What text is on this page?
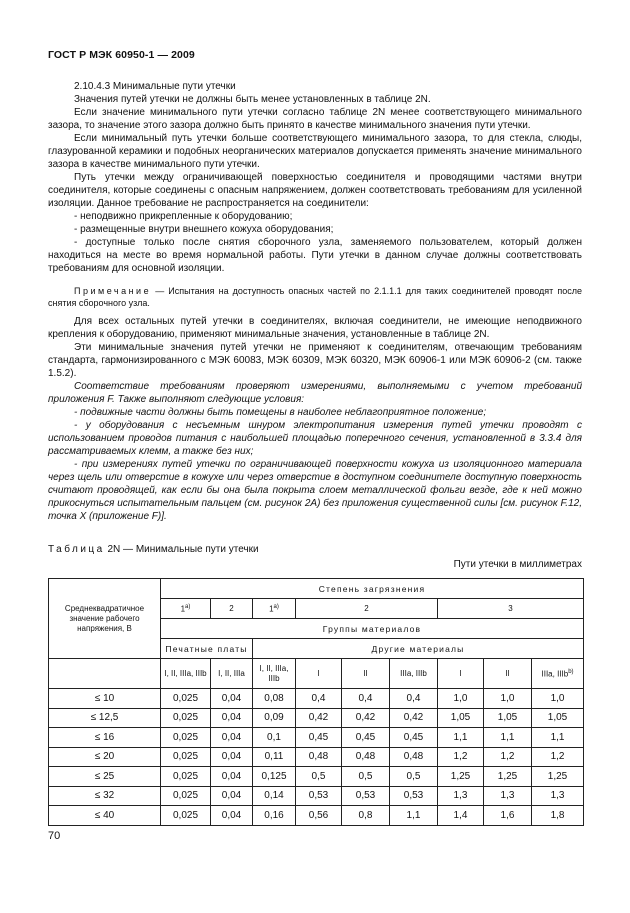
ГОСТ Р МЭК 60950-1 — 2009

2.10.4.3 Минимальные пути утечки

Значения путей утечки не должны быть менее установленных в таблице 2N.

Если значение минимального пути утечки согласно таблице 2N менее соответствующего минимального зазора, то значение этого зазора должно быть принято в качестве минимального значения пути утечки.

Если минимальный путь утечки больше соответствующего минимального зазора, то для стекла, слюды, глазурованной керамики и подобных неорганических материалов допускается применять значение минимального зазора в качестве минимального пути утечки.

Путь утечки между ограничивающей поверхностью соединителя и проводящими частями внутри соединителя, которые соединены с опасным напряжением, должен соответствовать требованиям для усиленной изоляции. Данное требование не распространяется на соединители:

- неподвижно прикрепленные к оборудованию;

- размещенные внутри внешнего кожуха оборудования;

- доступные только после снятия сборочного узла, заменяемого пользователем, который должен находиться на месте во время нормальной работы. Пути утечки в данном случае должны соответствовать требованиям для основной изоляции.

Примечание — Испытания на доступность опасных частей по 2.1.1.1 для таких соединителей проводят после снятия сборочного узла.

Для всех остальных путей утечки в соединителях, включая соединители, не имеющие неподвижного крепления к оборудованию, применяют минимальные значения, установленные в таблице 2N.

Эти минимальные значения путей утечки не применяют к соединителям, отвечающим требованиям стандарта, гармонизированного с МЭК 60083, МЭК 60309, МЭК 60320, МЭК 60906-1 или МЭК 60906-2 (см. также 1.5.2).

Соответствие требованиям проверяют измерениями, выполняемыми с учетом требований приложения F. Также выполняют следующие условия:

- подвижные части должны быть помещены в наиболее неблагоприятное положение;

- у оборудования с несъемным шнуром электропитания измерения путей утечки проводят с использованием проводов питания с наибольшей площадью поперечного сечения, установленной в 3.3.4 для рассматриваемых клемм, а также без них;

- при измерениях путей утечки по ограничивающей поверхности кожуха из изоляционного материала через щель или отверстие в кожухе или через отверстие в доступном соединителе доступную поверхность считают проводящей, как если бы она была покрыта слоем металлической фольги везде, где к ней можно прикоснуться испытательным пальцем (см. рисунок 2А) без приложения существенной силы [см. рисунок F.12, точка X (приложение F)].

Таблица 2N — Минимальные пути утечки
Пути утечки в миллиметрах
Среднеквадратичное значение рабочего напряжения, В	Степень загрязнения								
	$1^{а)}$	2	$1^{а)}$	2			3		
	Группы материалов								
	Печатные платы		Другие материалы						
	I, II, IIIa, IIIb	I, II, IIIa	I, II, IIIa, IIIb	I	II	IIIa, IIIb	I	II	IIIa, IIIb$^{b)}$
≤ 10	0,025	0,04	0,08	0,4	0,4	0,4	1,0	1,0	1,0
≤ 12,5	0,025	0,04	0,09	0,42	0,42	0,42	1,05	1,05	1,05
≤ 16	0,025	0,04	0,1	0,45	0,45	0,45	1,1	1,1	1,1
≤ 20	0,025	0,04	0,11	0,48	0,48	0,48	1,2	1,2	1,2
≤ 25	0,025	0,04	0,125	0,5	0,5	0,5	1,25	1,25	1,25
≤ 32	0,025	0,04	0,14	0,53	0,53	0,53	1,3	1,3	1,3
≤ 40	0,025	0,04	0,16	0,56	0,8	1,1	1,4	1,6	1,8
70
